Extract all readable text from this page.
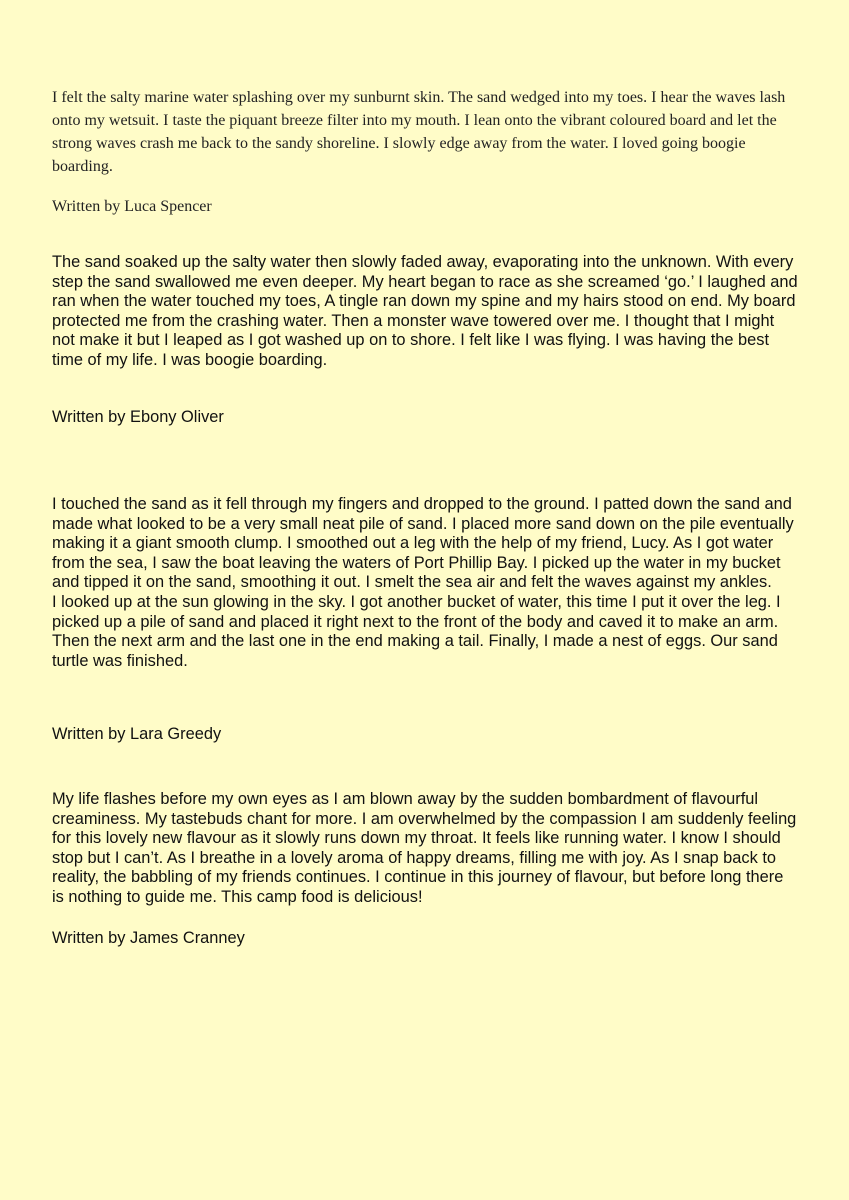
I felt the salty marine water splashing over my sunburnt skin. The sand wedged into my toes. I hear the waves lash onto my wetsuit. I taste the piquant breeze filter into my mouth. I lean onto the vibrant coloured board and let the strong waves crash me back to the sandy shoreline. I slowly edge away from the water. I loved going boogie boarding.

Written by Luca Spencer

The sand soaked up the salty water then slowly faded away, evaporating into the unknown. With every step the sand swallowed me even deeper. My heart began to race as she screamed ‘go.’ I laughed and ran when the water touched my toes, A tingle ran down my spine and my hairs stood on end. My board protected me from the crashing water. Then a monster wave towered over me. I thought that I might not make it but I leaped as I got washed up on to shore. I felt like I was flying. I was having the best time of my life. I was boogie boarding.

Written by Ebony Oliver

I touched the sand as it fell through my fingers and dropped to the ground. I patted down the sand and made what looked to be a very small neat pile of sand. I placed more sand down on the pile eventually making it a giant smooth clump. I smoothed out a leg with the help of my friend, Lucy. As I got water from the sea, I saw the boat leaving the waters of Port Phillip Bay. I picked up the water in my bucket and tipped it on the sand, smoothing it out. I smelt the sea air and felt the waves against my ankles.

I looked up at the sun glowing in the sky. I got another bucket of water, this time I put it over the leg. I picked up a pile of sand and placed it right next to the front of the body and caved it to make an arm. Then the next arm and the last one in the end making a tail. Finally, I made a nest of eggs. Our sand turtle was finished.

Written by Lara Greedy

My life flashes before my own eyes as I am blown away by the sudden bombardment of flavourful creaminess. My tastebuds chant for more. I am overwhelmed by the compassion I am suddenly feeling for this lovely new flavour as it slowly runs down my throat. It feels like running water. I know I should stop but I can’t. As I breathe in a lovely aroma of happy dreams, filling me with joy. As I snap back to reality, the babbling of my friends continues. I continue in this journey of flavour, but before long there is nothing to guide me. This camp food is delicious!

Written by James Cranney
